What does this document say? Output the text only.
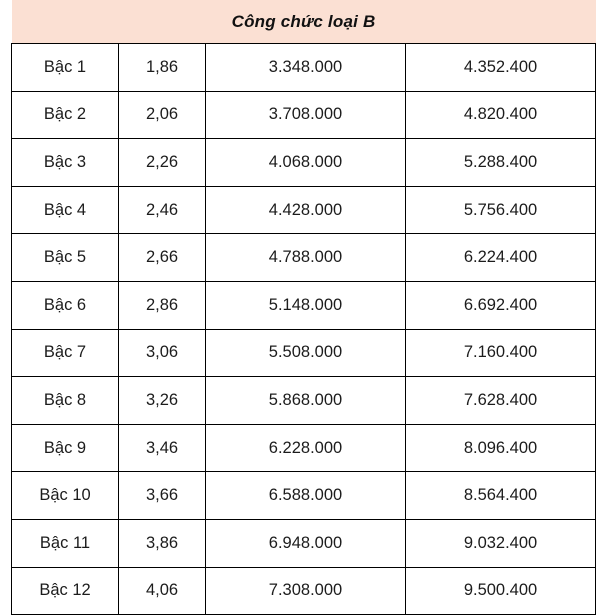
Công chức loại B			
Bậc 1	1,86	3.348.000	4.352.400
Bậc 2	2,06	3.708.000	4.820.400
Bậc 3	2,26	4.068.000	5.288.400
Bậc 4	2,46	4.428.000	5.756.400
Bậc 5	2,66	4.788.000	6.224.400
Bậc 6	2,86	5.148.000	6.692.400
Bậc 7	3,06	5.508.000	7.160.400
Bậc 8	3,26	5.868.000	7.628.400
Bậc 9	3,46	6.228.000	8.096.400
Bậc 10	3,66	6.588.000	8.564.400
Bậc 11	3,86	6.948.000	9.032.400
Bậc 12	4,06	7.308.000	9.500.400
